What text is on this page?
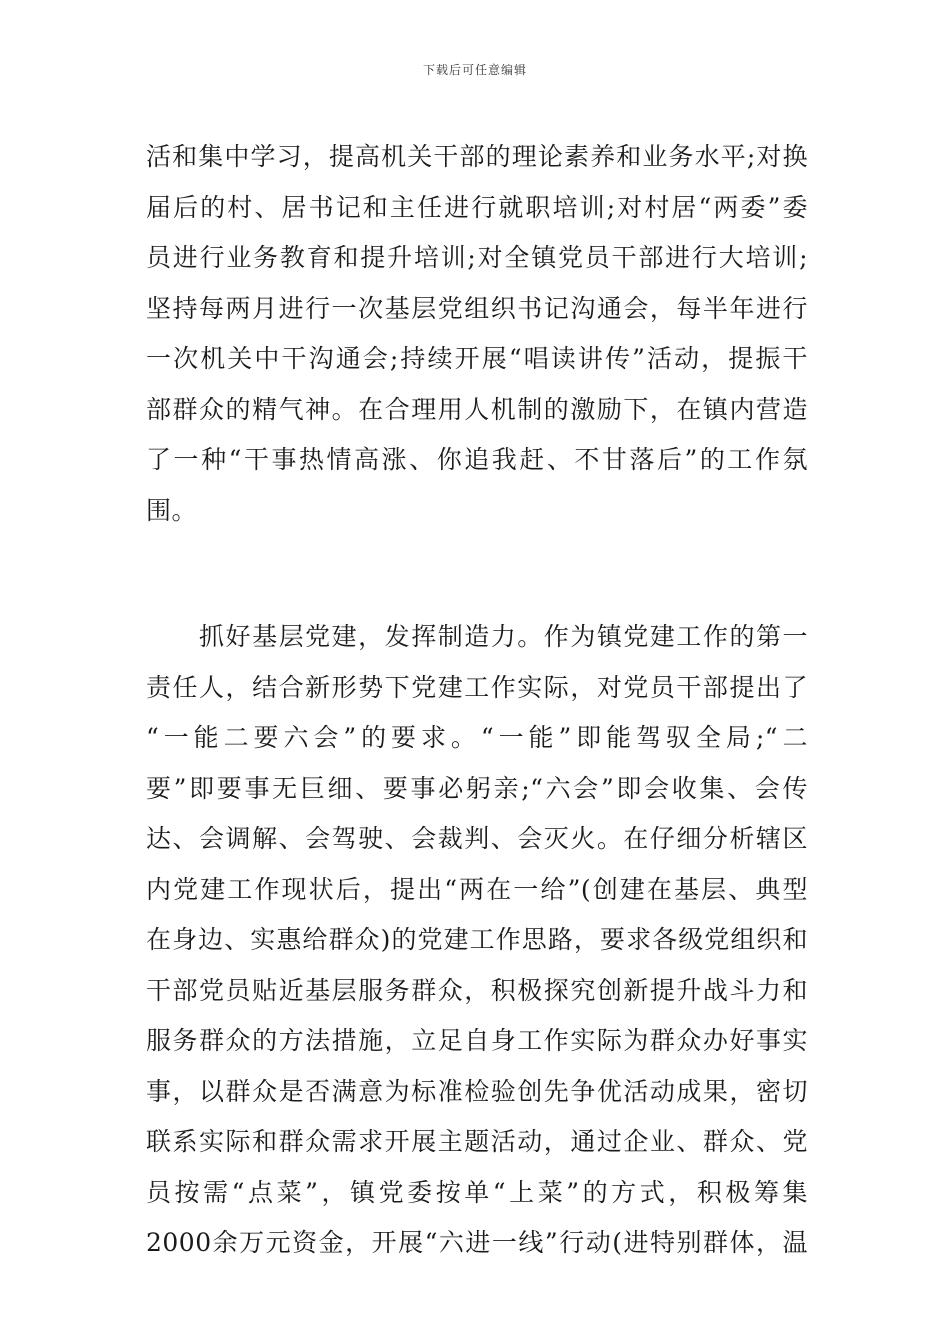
下载后可任意编辑
活和集中学习，提高机关干部的理论素养和业务水平;对换
届后的村、居书记和主任进行就职培训;对村居“两委”委
员进行业务教育和提升培训;对全镇党员干部进行大培训;
坚持每两月进行一次基层党组织书记沟通会，每半年进行
一次机关中干沟通会;持续开展“唱读讲传”活动，提振干
部群众的精气神。在合理用人机制的激励下，在镇内营造
了一种“干事热情高涨、你追我赶、不甘落后”的工作氛
围。
　　抓好基层党建，发挥制造力。作为镇党建工作的第一
责任人，结合新形势下党建工作实际，对党员干部提出了
“一能二要六会”的要求。“一能”即能驾驭全局;“二
要”即要事无巨细、要事必躬亲;“六会”即会收集、会传
达、会调解、会驾驶、会裁判、会灭火。在仔细分析辖区
内党建工作现状后，提出“两在一给”(创建在基层、典型
在身边、实惠给群众)的党建工作思路，要求各级党组织和
干部党员贴近基层服务群众，积极探究创新提升战斗力和
服务群众的方法措施，立足自身工作实际为群众办好事实
事，以群众是否满意为标准检验创先争优活动成果，密切
联系实际和群众需求开展主题活动，通过企业、群众、党
员按需“点菜”，镇党委按单“上菜”的方式，积极筹集
2000余万元资金，开展“六进一线”行动(进特别群体，温
